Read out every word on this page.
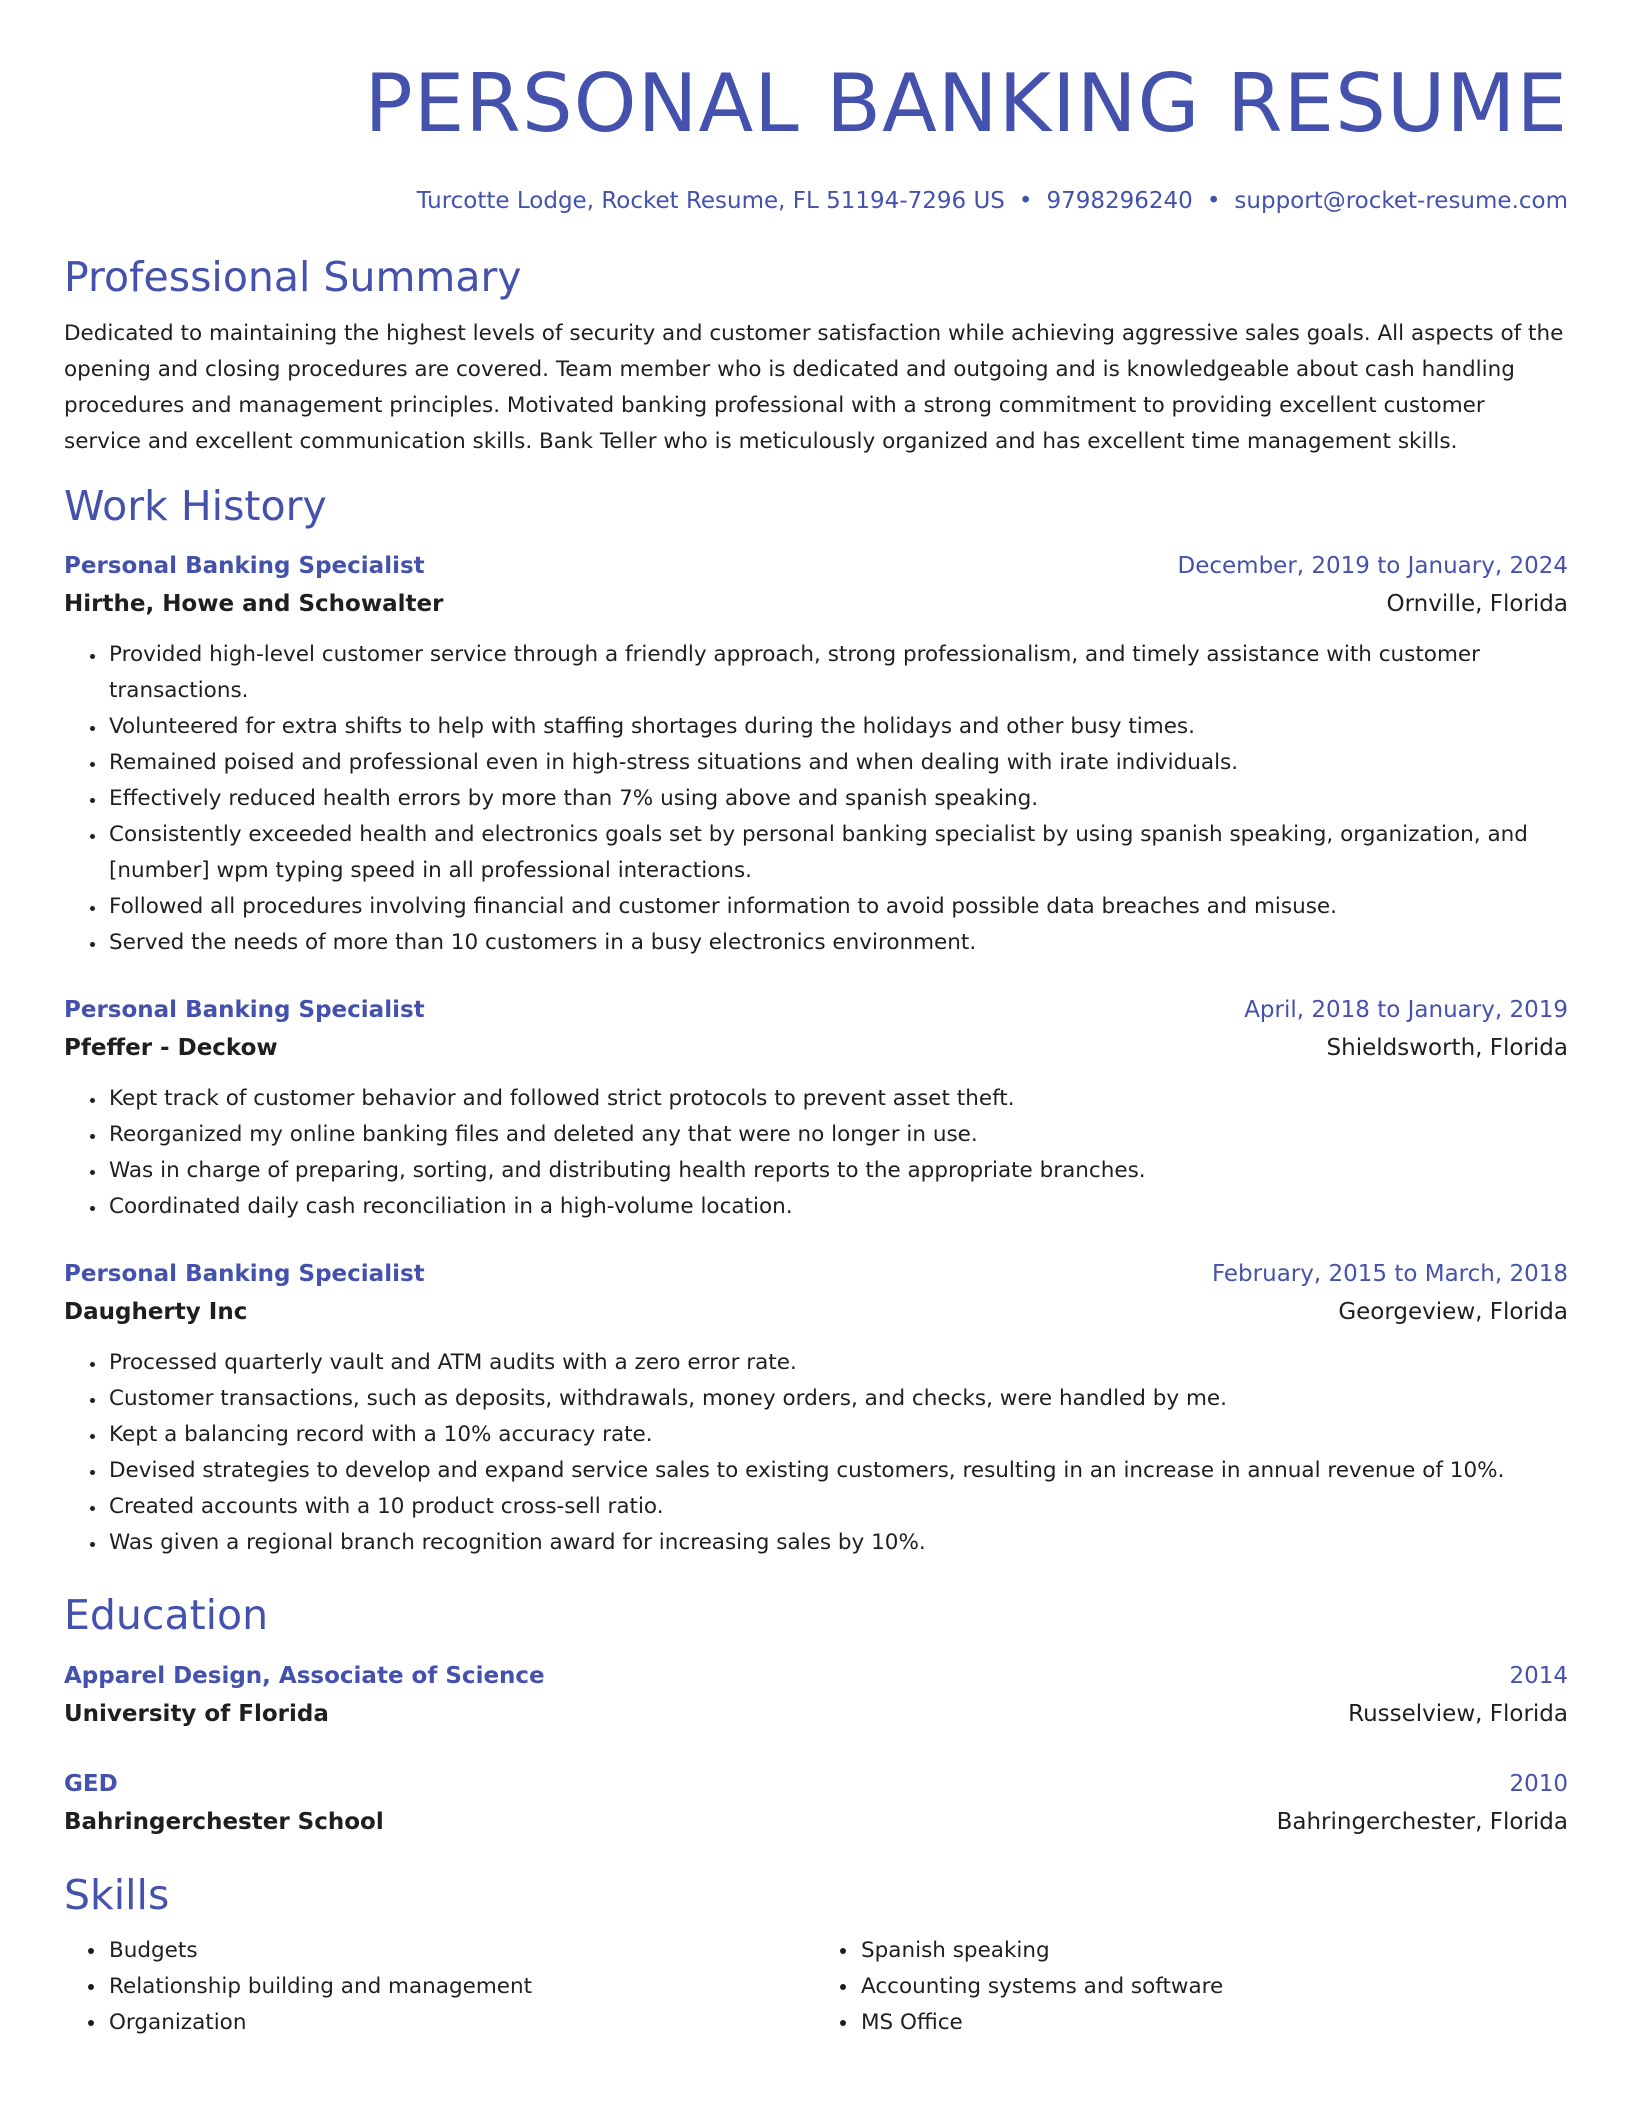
PERSONAL BANKING RESUME
Turcotte Lodge, Rocket Resume, FL 51194-7296 US • 9798296240 • support@rocket-resume.com
Professional Summary

Dedicated to maintaining the highest levels of security and customer satisfaction while achieving aggressive sales goals. All aspects of the opening and closing procedures are covered. Team member who is dedicated and outgoing and is knowledgeable about cash handling procedures and management principles. Motivated banking professional with a strong commitment to providing excellent customer service and excellent communication skills. Bank Teller who is meticulously organized and has excellent time management skills.

Work History
Personal Banking Specialist	December, 2019 to January, 2024
Hirthe, Howe and Schowalter	Ornville, Florida
• Provided high-level customer service through a friendly approach, strong professionalism, and timely assistance with customer transactions.
• Volunteered for extra shifts to help with staffing shortages during the holidays and other busy times.
• Remained poised and professional even in high-stress situations and when dealing with irate individuals.
• Effectively reduced health errors by more than 7% using above and spanish speaking.
• Consistently exceeded health and electronics goals set by personal banking specialist by using spanish speaking, organization, and [number] wpm typing speed in all professional interactions.
• Followed all procedures involving financial and customer information to avoid possible data breaches and misuse.
• Served the needs of more than 10 customers in a busy electronics environment.
Personal Banking Specialist	April, 2018 to January, 2019
Pfeffer - Deckow	Shieldsworth, Florida
• Kept track of customer behavior and followed strict protocols to prevent asset theft.
• Reorganized my online banking files and deleted any that were no longer in use.
• Was in charge of preparing, sorting, and distributing health reports to the appropriate branches.
• Coordinated daily cash reconciliation in a high-volume location.
Personal Banking Specialist	February, 2015 to March, 2018
Daugherty Inc	Georgeview, Florida
• Processed quarterly vault and ATM audits with a zero error rate.
• Customer transactions, such as deposits, withdrawals, money orders, and checks, were handled by me.
• Kept a balancing record with a 10% accuracy rate.
• Devised strategies to develop and expand service sales to existing customers, resulting in an increase in annual revenue of 10%.
• Created accounts with a 10 product cross-sell ratio.
• Was given a regional branch recognition award for increasing sales by 10%.
Education
Apparel Design, Associate of Science	2014
University of Florida	Russelview, Florida
GED	2010
Bahringerchester School	Bahringerchester, Florida
Skills
• Budgets
• Relationship building and management
• Organization
• Spanish speaking
• Accounting systems and software
• MS Office
